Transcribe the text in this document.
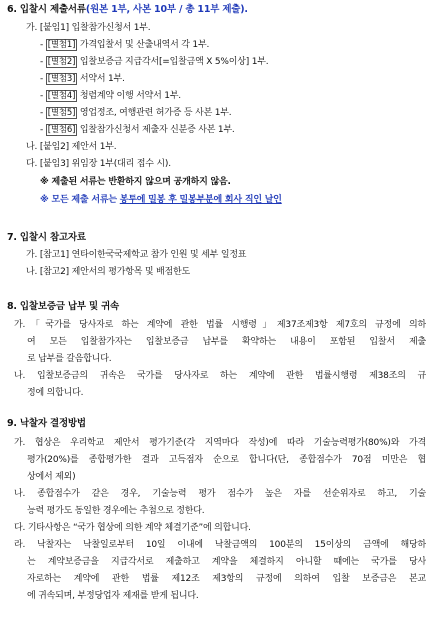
6. 입찰시 제출서류(원본 1부, 사본 10부 / 총 11부 제출).
가. [붙임1] 입찰참가신청서 1부.
- [별첨1] 가격입찰서 및 산출내역서 각 1부.
- [별첨2] 입찰보증금 지급각서[=입찰금액 X 5%이상] 1부.
- [별첨3] 서약서 1부.
- [별첨4] 청렴계약 이행 서약서 1부.
- [별첨5] 영업정조, 여행관련 허가증 등 사본 1부.
- [별첨6] 입찰참가신청서 제출자 신분증 사본 1부.
나. [붙임2] 제안서 1부.
다. [붙임3] 위임장 1부(대리 접수 시).
※ 제출된 서류는 반환하지 않으며 공개하지 않음.
※ 모든 제출 서류는 봉투에 밀봉 후 밀봉부분에 회사 직인 날인
7. 입찰시 참고자료
가. [참고1] 연타이한국국제학교 참가 인원 및 세부 일정표
나. [참고2] 제안서의 평가항목 및 배점한도
8. 입찰보증금 납부 및 귀속
가.「국가를 당사자로 하는 계약에 관한 법률 시행령」제37조제3항 제7호의 규정에 의하
여 모든 입찰참가자는 입찰보증금 납부를 확약하는 내용이 포함된 입찰서 제출
로 납부를 갈음합니다.
나. 입찰보증금의 귀속은 국가를 당사자로 하는 계약에 관한 법률시행령 제38조의 규
정에 의합니다.
9. 낙찰자 결정방법
가. 협상은 우리학교 제안서 평가기준(각 지역마다 작성)에 따라 기술능력평가(80%)와 가격
평가(20%)를 종합평가한 결과 고득점자 순으로 합니다(단, 종합점수가 70점 미만은 협
상에서 제외)
나. 종합점수가 같은 경우, 기술능력 평가 점수가 높은 자를 선순위자로 하고, 기술
능력 평가도 동일한 경우에는 추첨으로 정한다.
다. 기타사항은 “국가 협상에 의한 계약 체결기준”에 의합니다.
라. 낙찰자는 낙찰일로부터 10일 이내에 낙찰금액의 100분의 15이상의 금액에 해당하
는 계약보증금을 지급각서로 제출하고 계약을 체결하지 아니할 때에는 국가를 당사
자로하는 계약에 관한 법률 제12조 제3항의 규정에 의하여 입찰 보증금은 본교
에 귀속되며, 부정당업자 제재를 받게 됩니다.
